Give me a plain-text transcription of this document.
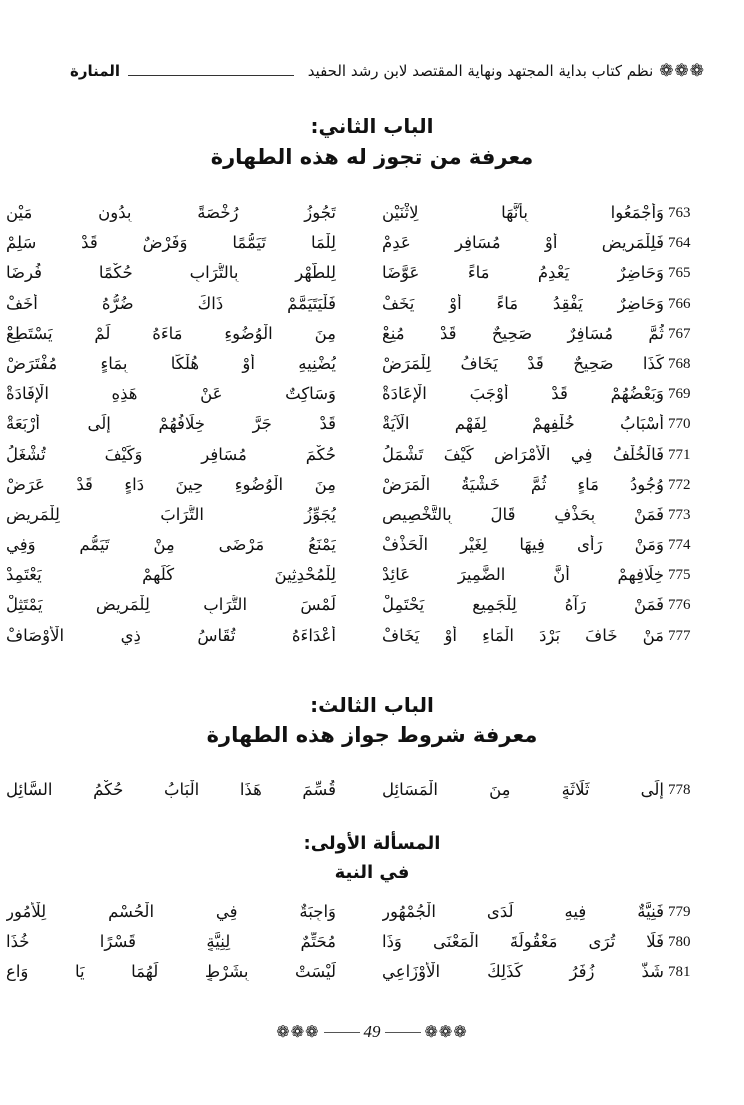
❁❁❁
نظم كتاب بداية المجتهد ونهاية المقتصد لابن رشد الحفيد
المنارة
الباب الثاني:
معرفة من تجوز له هذه الطهارة
763
وَأَجْمَعُوا بِأَنَّهَا لِاثْنَيْنِ
تَجُوزُ رُخْصَةً بِدُونِ مَيْنِ
764
فَلِلْمَرِيضِ أَوْ مُسَافِرٍ عَدِمْ
لِلْمَا تَيَمُّمًا وَفَرْضٌ قَدْ سَلِمْ
765
وَحَاضِرٌ يَعْدِمُ مَاءً عَوَّضَا
لِلطُّهْرِ بِالتُّرَابِ حُكْمًا فُرِضَا
766
وَحَاضِرٌ يَفْقِدُ مَاءً أَوْ يَخَفْ
فَلْيَتَيَمَّمْ ذَاكَ ضُرُّهُ أَخَفْ
767
ثُمَّ مُسَافِرٌ صَحِيحٌ قَدْ مُنِعْ
مِنَ الْوُضُوءِ مَاءَهُ لَمْ يَسْتَطِعْ
768
كَذَا صَحِيحٌ قَدْ يَخَافُ لِلْمَرَضْ
يُضْنِيهِ أَوْ هُلْكًا بِمَاءٍ مُفْتَرَضْ
769
وَبَعْضُهُمْ قَدْ أَوْجَبَ الْإِعَادَةْ
وَسَاكِتٌ عَنْ هَذِهِ الْإِفَادَةْ
770
أَسْبَابُ خُلْفِهِمْ لِفَهْمِ الْآيَةْ
قَدْ جَرَّ خِلَافُهُمْ إِلَى أَرْبَعَةْ
771
فَالْخُلْفُ فِي الْأَمْرَاضِ كَيْفَ تَشْمَلُ
حُكْمَ مُسَافِرٍ وَكَيْفَ تُشْغَلُ
772
وُجُودُ مَاءٍ ثُمَّ خَشْيَةُ الْمَرَضْ
مِنَ الْوُضُوءِ حِينَ دَاءٍ قَدْ عَرَضْ
773
فَمَنْ بِحَذْفٍ قَالَ بِالتَّخْصِيصِ
يُجَوِّزُ التُّرَابَ لِلْمَرِيضِ
774
وَمَنْ رَأَى فِيهَا لِغَيْرِ الْحَذْفْ
يَمْنَعُ مَرْضَى مِنْ تَيَمُّمٍ وَفِي
775
خِلَافِهِمْ أَنَّ الضَّمِيرَ عَائِدْ
لِلْمُحْدِثِينَ كُلِّهِمْ يَعْتَمِدْ
776
فَمَنْ رَآهُ لِلْجَمِيعِ يَحْتَمِلْ
لَمْسَ التُّرَابِ لِلْمَرِيضِ يَمْتَثِلْ
777
مَنْ خَافَ بَرْدَ الْمَاءِ أَوْ يَخَافْ
أَعْدَاءَهُ تُقَاسُ ذِي الْأَوْصَافْ
الباب الثالث:
معرفة شروط جواز هذه الطهارة
778
إِلَى ثَلَاثَةٍ مِنَ الْمَسَائِلِ
قُسِّمَ هَذَا الْبَابُ حُكْمُ السَّائِلِ
المسألة الأولى:
في النية
779
فَنِيَّةٌ فِيهِ لَدَى الْجُمْهُورِ
وَاجِبَةٌ فِي الْحُسْمِ لِلْأُمُورِ
780
فَلَا تُرَى مَعْقُولَةَ الْمَعْنَى وَذَا
مُحَتِّمٌ لِنِيَّةٍ قَسْرًا خُذَا
781
شَذَّ زُفَرُ كَذَلِكَ الْأَوْزَاعِي
لَيْسَتْ بِشَرْطٍ لَهُمَا يَا وَاعِ
❁❁❁	49	❁❁❁
